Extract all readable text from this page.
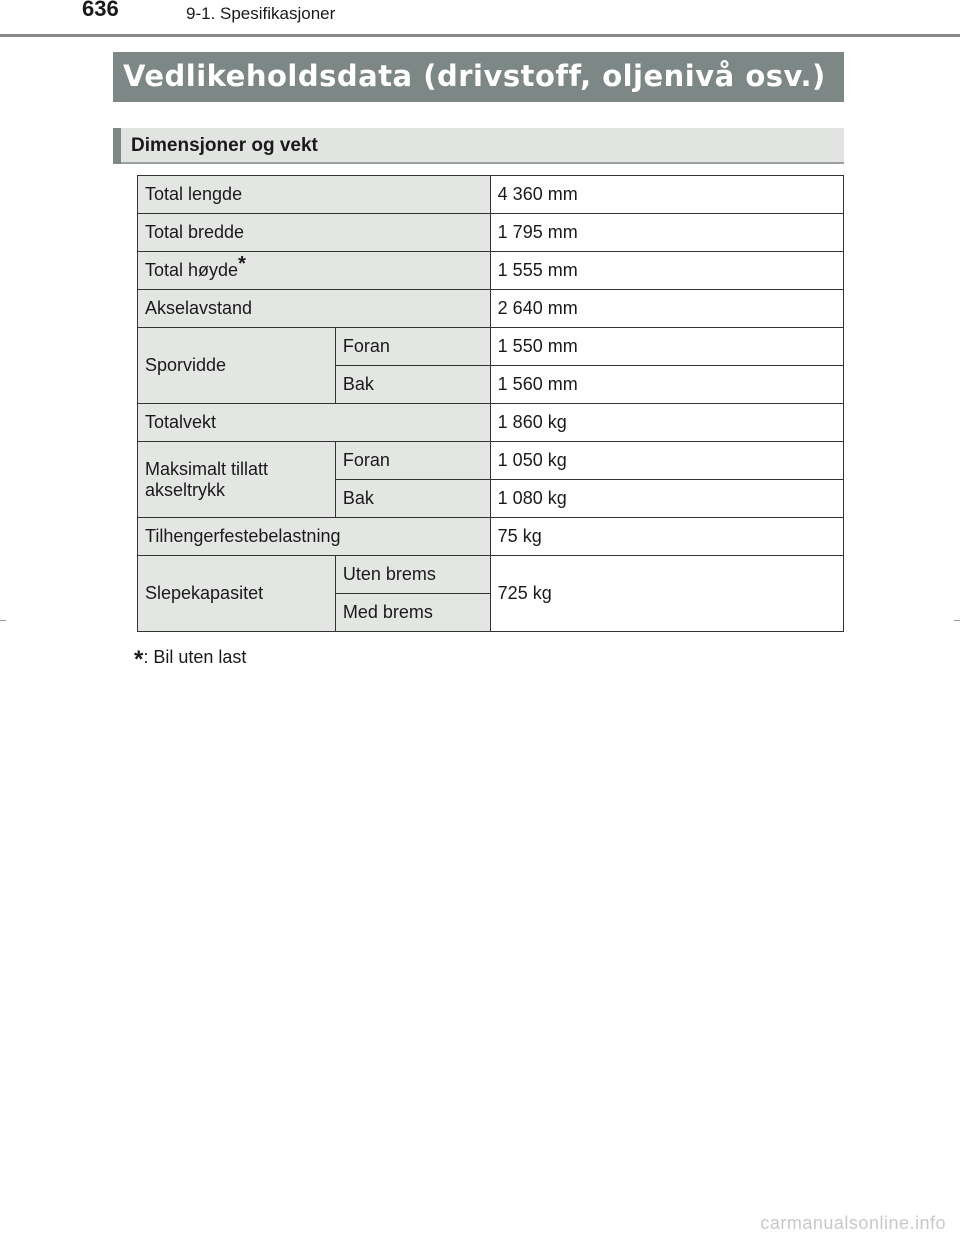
636	9-1. Spesifikasjoner
Vedlikeholdsdata (drivstoff, oljenivå osv.)
Dimensjoner og vekt
Total lengde		4 360 mm
Total bredde		1 795 mm
Total høyde*		1 555 mm
Akselavstand		2 640 mm
Sporvidde	Foran	1 550 mm
	Bak	1 560 mm
Totalvekt		1 860 kg
Maksimalt tillatt akseltrykk	Foran	1 050 kg
	Bak	1 080 kg
Tilhengerfestebelastning		75 kg
Slepekapasitet	Uten brems	725 kg
	Med brems	
*: Bil uten last
carmanualsonline.info
